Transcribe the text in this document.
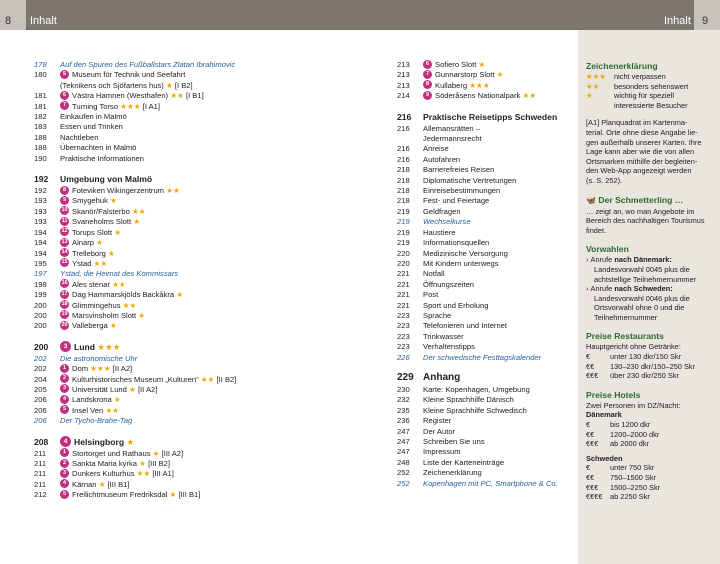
8 Inhalt	Inhalt 9
178	Auf den Spuren des Fußballstars Zlatan Ibrahimovic
180	5 Museum für Technik und Seefahrt
(Teknikens och Sjöfartens hus) ★ [I B2]
181	6 Västra Hamnen (Westhafen) ★★ [I B1]
181	7 Turning Torso ★★★ [I A1]
182	Einkaufen in Malmö
183	Essen und Trinken
188	Nachtleben
188	Übernachten in Malmö
190	Praktische Informationen
192 Umgebung von Malmö
192	8 Foteviken Wikingerzentrum ★★
193	9 Smygehuk ★
193	10 Skanör/Falsterbo ★★
193	11 Svaneholms Slott ★
194	12 Torups Slott ★
194	13 Alnarp ★
194	14 Trelleborg ★
195	15 Ystad ★★
197	Ystad, die Heimat des Kommissars
198	16 Ales stenar ★★
199	17 Dag Hammarskjölds Backåkra ★
200	18 Glimmingehus ★★
200	19 Marsvinsholm Slott ★
200	20 Valleberga ★
200	3 Lund ★★★
202	Die astronomische Uhr
202	1 Dom ★★★ [II A2]
204	2 Kulturhistorisches Museum „Kulturen“ ★★ [II B2]
205	3 Universität Lund ★ [II A2]
206	4 Landskrona ★
206	5 Insel Ven ★★
206	Der Tycho-Brahe-Tag
208	4 Helsingborg ★
211	1 Stortorget und Rathaus ★ [III A2]
211	2 Sankta Maria kyrka ★ [III B2]
211	3 Dunkers Kulturhus ★★ [III A1]
211	4 Kärnan ★ [III B1]
212	5 Freilichtmuseum Fredriksdal ★ [III B1]
213	6 Sofiero Slott ★
213	7 Gunnarstorp Slott ★
213	8 Kullaberg ★★★
214	9 Söderåsens Nationalpark ★★
216 Praktische Reisetipps Schweden
216	Allemansrätten –
Jedermannsrecht
216	Anreise
216	Autofahren
218	Barrierefreies Reisen
218	Diplomatische Vertretungen
218	Einreisebestimmungen
218	Fest- und Feiertage
219	Geldfragen
219	Wechselkurse
219	Haustiere
219	Informationsquellen
220	Medizinische Versorgung
220	Mit Kindern unterwegs
221	Notfall
221	Öffnungszeiten
221	Post
221	Sport und Erholung
223	Sprache
223	Telefonieren und Internet
223	Trinkwasser
223	Verhaltenstipps
226	Der schwedische Festtagskalender
229 Anhang
230	Karte: Kopenhagen, Umgebung
232	Kleine Sprachhilfe Dänisch
235	Kleine Sprachhilfe Schwedisch
236	Register
247	Der Autor
247	Schreiben Sie uns
247	Impressum
248	Liste der Karteneinträge
252	Zeichenerklärung
252	Kopenhagen mit PC, Smartphone & Co.
Zeichenerklärung
★★★ nicht verpassen
★★ besonders sehenswert
★	wichtig für speziell
interessierte Besucher
[A1] Planquadrat im Kartenma-
terial. Orte ohne diese Angabe lie-
gen außerhalb unserer Karten. Ihre
Lage kann aber wie die von allen
Ortsmarken mithilfe der begleiten-
den Web-App angezeigt werden
(s. S. 252).
🦋 Der Schmetterling …
… zeigt an, wo man Angebote im
Bereich des nachhaltigen Tourismus
findet.
Vorwahlen
› Anrufe nach Dänemark:
Landesvorwahl 0045 plus die
achtstellige Teilnehmernummer
› Anrufe nach Schweden:
Landesvorwahl 0046 plus die
Ortsvorwahl ohne 0 und die
Teilnehmernummer
Preise Restaurants
Hauptgericht ohne Getränke:
€	unter 130 dkr/150 Skr
€€ 130–230 dkr/150–250 Skr
€€€ über 230 dkr/250 Skr
Preise Hotels
Zwei Personen im DZ/Nacht:
Dänemark
€	bis 1200 dkr
€€ 1200–2000 dkr
€€€ ab 2000 dkr
Schweden
€	unter 750 Skr
€€ 750–1500 Skr
€€€ 1500–2250 Skr
€€€€ ab 2250 Skr
